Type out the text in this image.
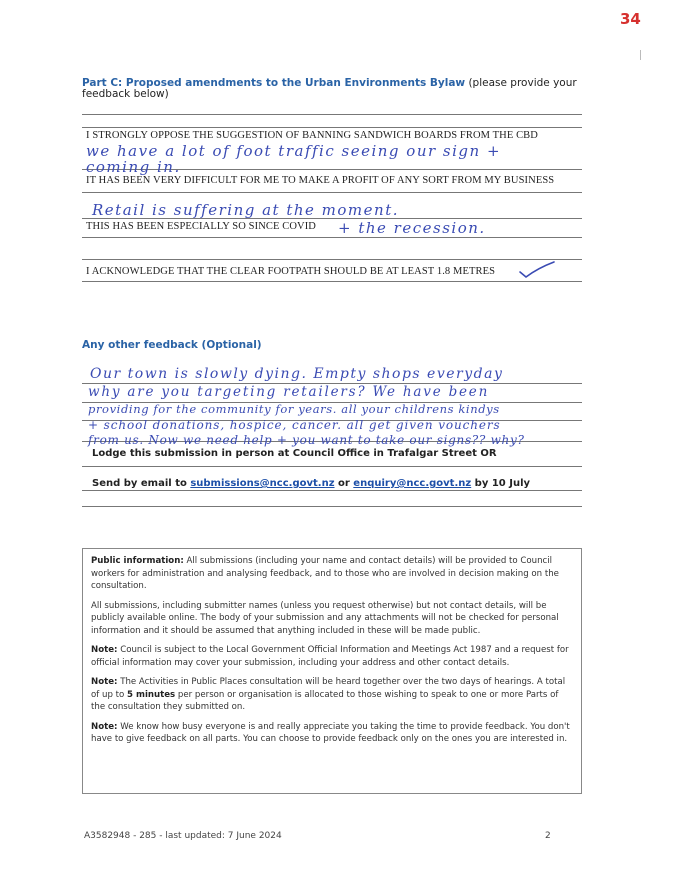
34
Part C: Proposed amendments to the Urban Environments Bylaw (please provide your
feedback below)
I STRONGLY OPPOSE THE SUGGESTION OF BANNING SANDWICH BOARDS FROM THE CBD
we have a lot of foot traffic seeing our sign +
coming in.
IT HAS BEEN VERY DIFFICULT FOR ME TO MAKE A PROFIT OF ANY SORT FROM MY BUSINESS
Retail is suffering at the moment.
THIS HAS BEEN ESPECIALLY SO SINCE COVID + the recession.
I ACKNOWLEDGE THAT THE CLEAR FOOTPATH SHOULD BE AT LEAST 1.8 METRES
Any other feedback (Optional)
Our town is slowly dying. Empty shops everyday
why are you targeting retailers? We have been
providing for the community for years. all your childrens kindys
+ school donations, hospice, cancer. all get given vouchers
from us. Now we need help + you want to take our signs?? why?
Lodge this submission in person at Council Office in Trafalgar Street OR
Send by email to submissions@ncc.govt.nz or enquiry@ncc.govt.nz by 10 July

Public information: All submissions (including your name and contact details) will be provided to Council workers for administration and analysing feedback, and to those who are involved in decision making on the consultation.

All submissions, including submitter names (unless you request otherwise) but not contact details, will be publicly available online. The body of your submission and any attachments will not be checked for personal information and it should be assumed that anything included in these will be made public.

Note: Council is subject to the Local Government Official Information and Meetings Act 1987 and a request for official information may cover your submission, including your address and other contact details.

Note: The Activities in Public Places consultation will be heard together over the two days of hearings. A total of up to 5 minutes per person or organisation is allocated to those wishing to speak to one or more Parts of the consultation they submitted on.

Note: We know how busy everyone is and really appreciate you taking the time to provide feedback. You don't have to give feedback on all parts. You can choose to provide feedback only on the ones you are interested in.

A3582948 - 285 - last updated: 7 June 2024	2
